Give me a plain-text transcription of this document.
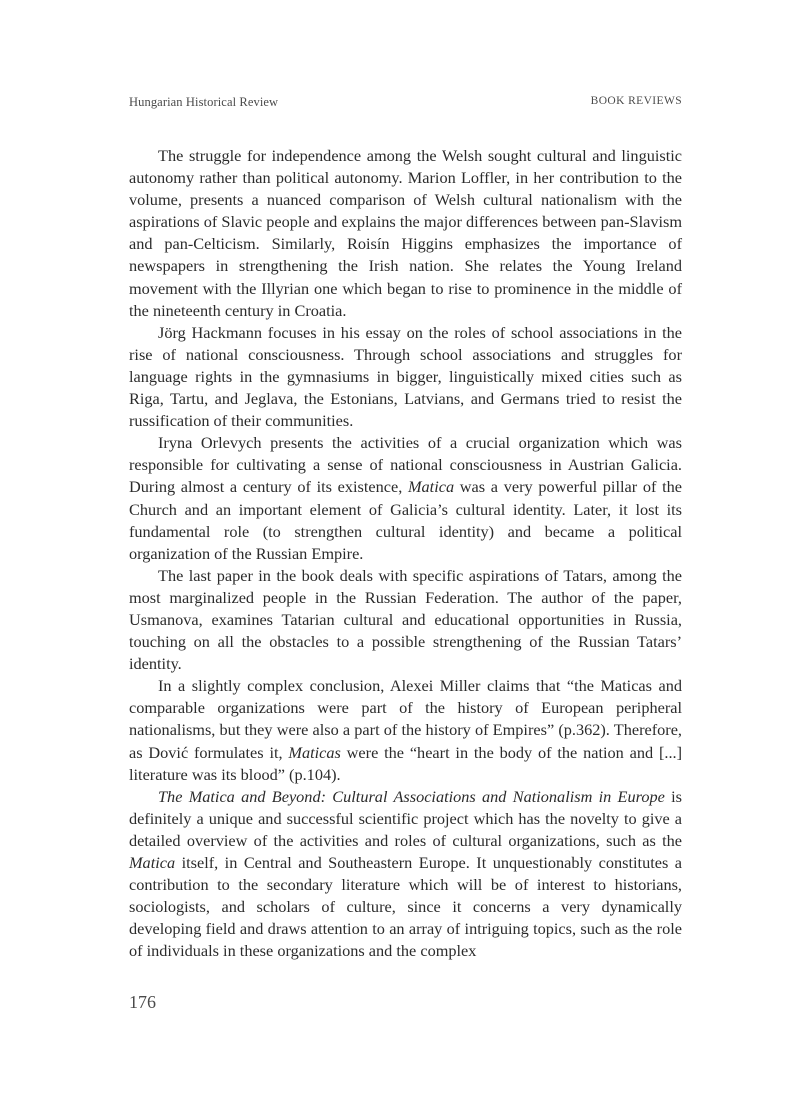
Hungarian Historical Review	BOOK REVIEWS

The struggle for independence among the Welsh sought cultural and linguistic autonomy rather than political autonomy. Marion Loffler, in her contribution to the volume, presents a nuanced comparison of Welsh cultural nationalism with the aspirations of Slavic people and explains the major differences between pan-Slavism and pan-Celticism. Similarly, Roisín Higgins emphasizes the importance of newspapers in strengthening the Irish nation. She relates the Young Ireland movement with the Illyrian one which began to rise to prominence in the middle of the nineteenth century in Croatia.

Jörg Hackmann focuses in his essay on the roles of school associations in the rise of national consciousness. Through school associations and struggles for language rights in the gymnasiums in bigger, linguistically mixed cities such as Riga, Tartu, and Jeglava, the Estonians, Latvians, and Germans tried to resist the russification of their communities.

Iryna Orlevych presents the activities of a crucial organization which was responsible for cultivating a sense of national consciousness in Austrian Galicia. During almost a century of its existence, Matica was a very powerful pillar of the Church and an important element of Galicia’s cultural identity. Later, it lost its fundamental role (to strengthen cultural identity) and became a political organization of the Russian Empire.

The last paper in the book deals with specific aspirations of Tatars, among the most marginalized people in the Russian Federation. The author of the paper, Usmanova, examines Tatarian cultural and educational opportunities in Russia, touching on all the obstacles to a possible strengthening of the Russian Tatars’ identity.

In a slightly complex conclusion, Alexei Miller claims that “the Maticas and comparable organizations were part of the history of European peripheral nationalisms, but they were also a part of the history of Empires” (p.362). Therefore, as Dović formulates it, Maticas were the “heart in the body of the nation and [...] literature was its blood” (p.104).

The Matica and Beyond: Cultural Associations and Nationalism in Europe is definitely a unique and successful scientific project which has the novelty to give a detailed overview of the activities and roles of cultural organizations, such as the Matica itself, in Central and Southeastern Europe. It unquestionably constitutes a contribution to the secondary literature which will be of interest to historians, sociologists, and scholars of culture, since it concerns a very dynamically developing field and draws attention to an array of intriguing topics, such as the role of individuals in these organizations and the complex

176
